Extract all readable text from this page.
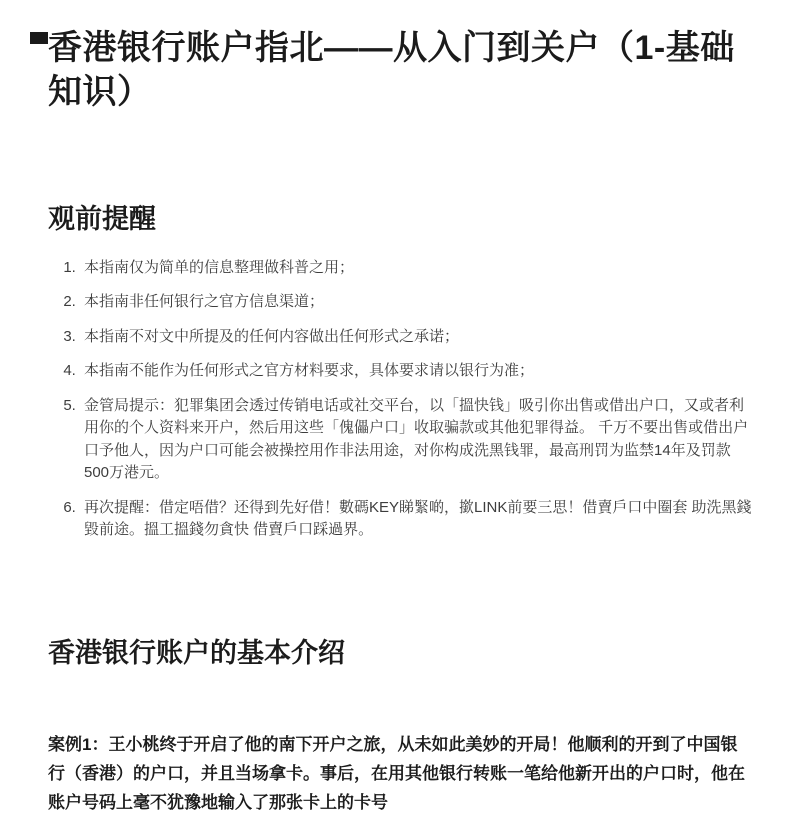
香港银行账户指北——从入门到关户（1-基础知识）
观前提醒
1. 本指南仅为简单的信息整理做科普之用；
2. 本指南非任何银行之官方信息渠道；
3. 本指南不对文中所提及的任何内容做出任何形式之承诺；
4. 本指南不能作为任何形式之官方材料要求，具体要求请以银行为准；
5. 金管局提示：犯罪集团会透过传销电话或社交平台，以「搵快钱」吸引你出售或借出户口，又或者利用你的个人资料来开户，然后用这些「傀儡户口」收取骗款或其他犯罪得益。 千万不要出售或借出户口予他人，因为户口可能会被操控用作非法用途，对你构成洗黑钱罪，最高刑罚为监禁14年及罚款500万港元。
6. 再次提醒：借定唔借？还得到先好借！數碼KEY睇緊啲，撳LINK前要三思！借賣戶口中圈套 助洗黑錢毀前途。搵工搵錢勿貪快 借賣戶口踩過界。
香港银行账户的基本介绍

案例1：王小桃终于开启了他的南下开户之旅，从未如此美妙的开局！他顺利的开到了中国银行（香港）的户口，并且当场拿卡。事后，在用其他银行转账一笔给他新开出的户口时，他在账户号码上毫不犹豫地输入了那张卡上的卡号
